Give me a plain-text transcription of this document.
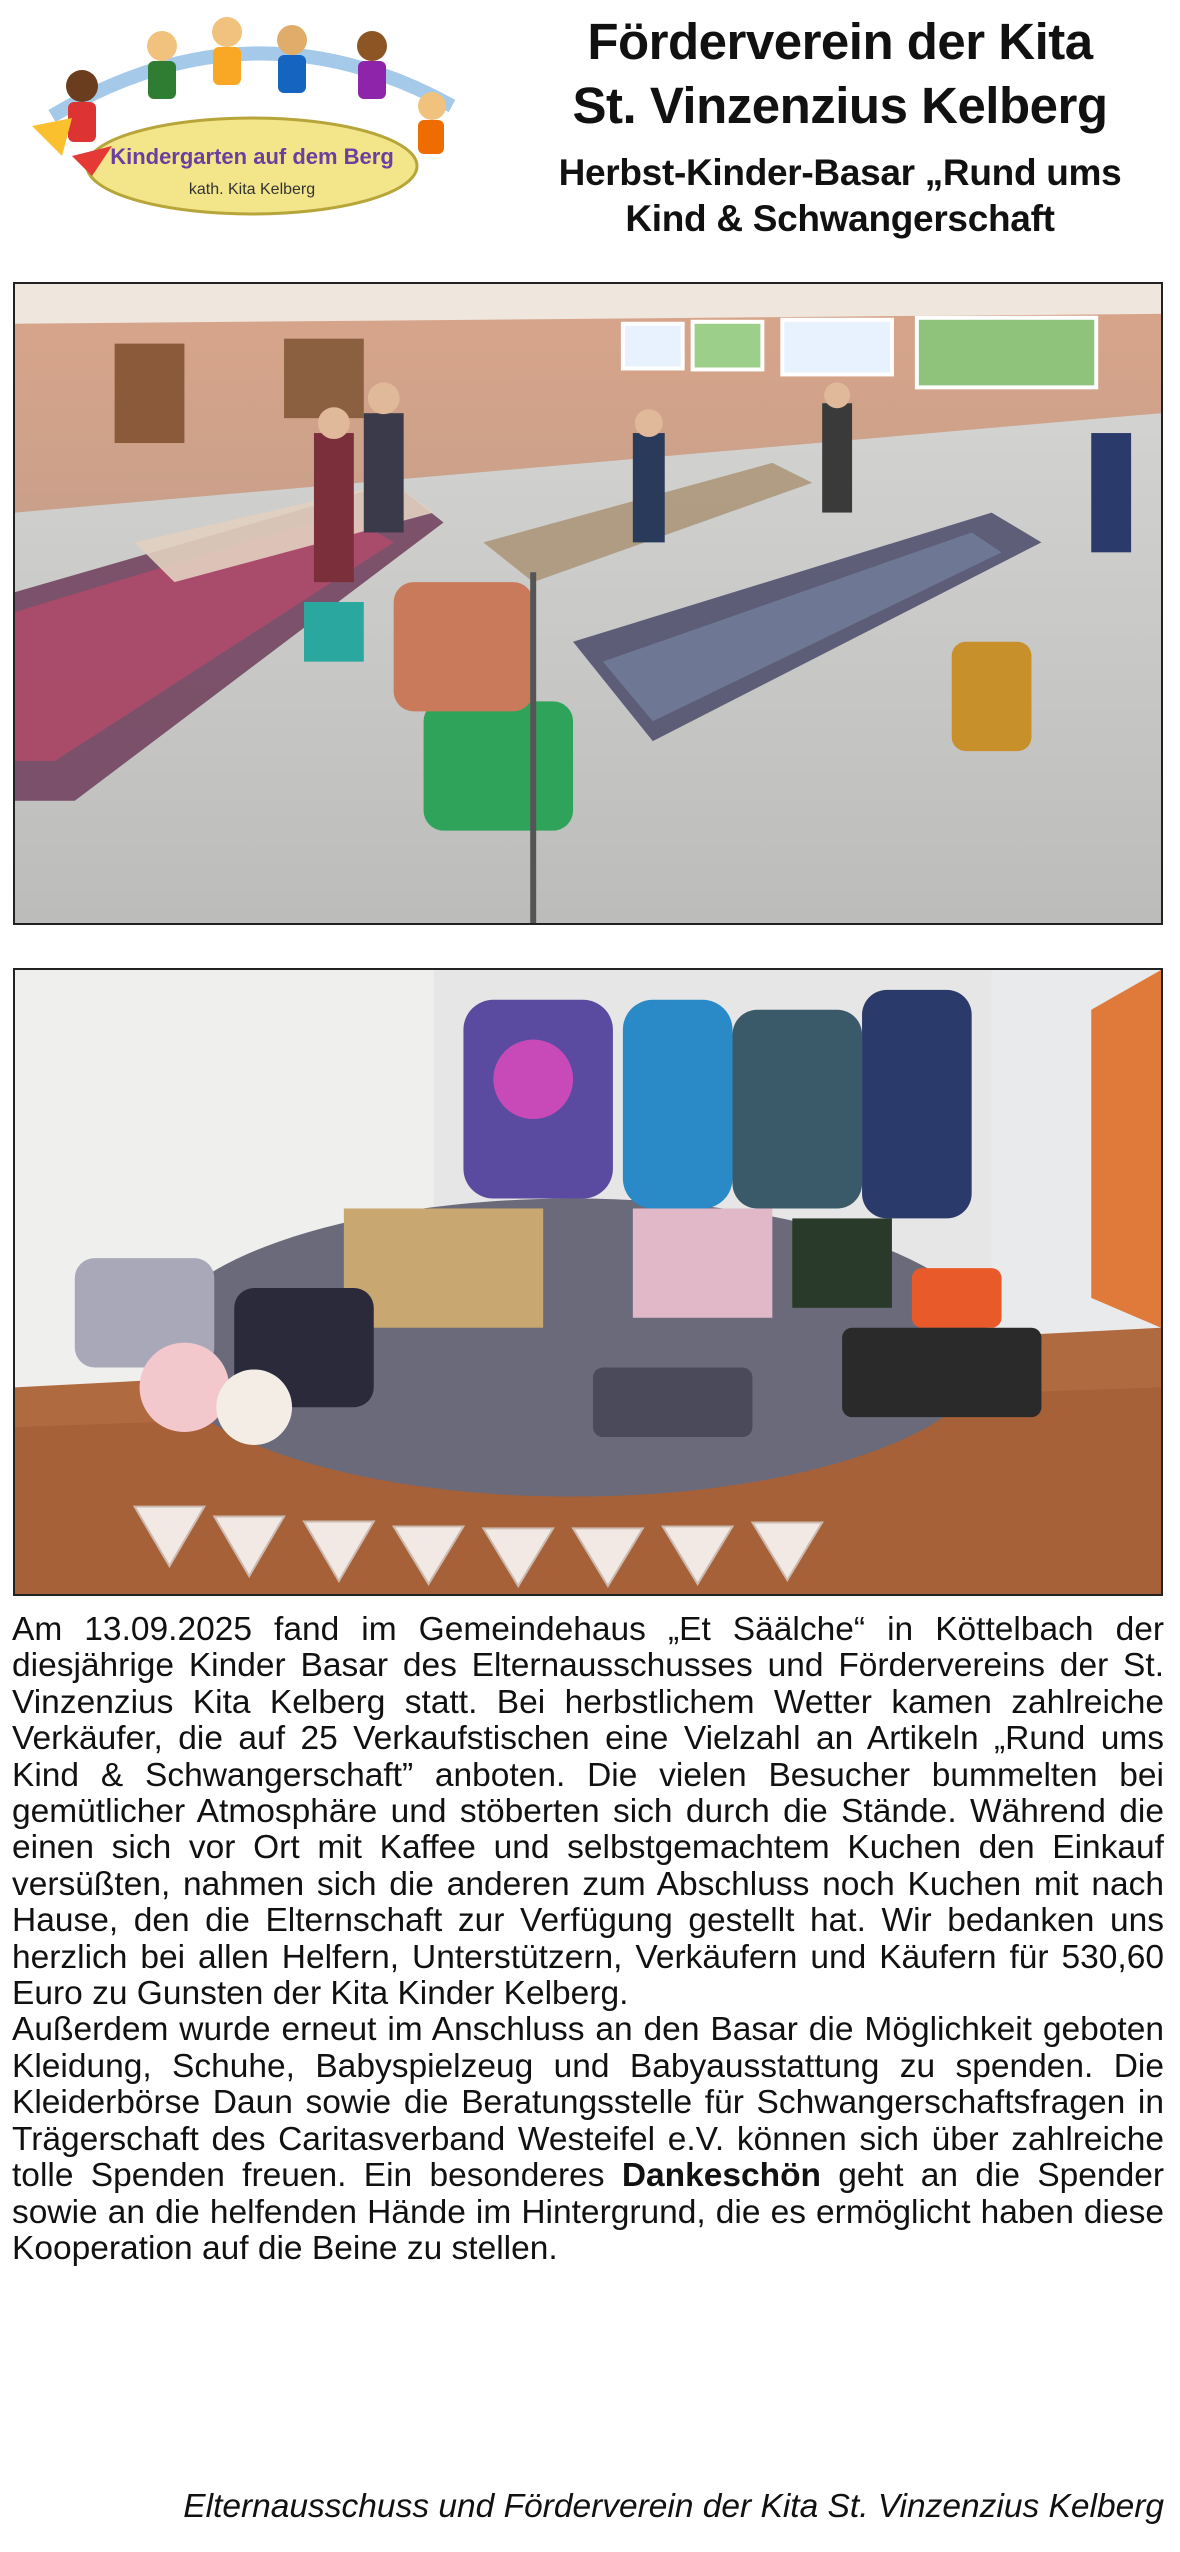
Kindergarten auf dem Berg
kath. Kita Kelberg
Förderverein der Kita
St. Vinzenzius Kelberg
Herbst-Kinder-Basar „Rund ums
Kind & Schwangerschaft

Am 13.09.2025 fand im Gemeindehaus „Et Säälche“ in Köttelbach der diesjährige Kinder Basar des Elternausschusses und Fördervereins der St. Vinzenzius Kita Kelberg statt. Bei herbstlichem Wetter kamen zahlreiche Verkäufer, die auf 25 Verkaufstischen eine Vielzahl an Artikeln „Rund ums Kind & Schwangerschaft” anboten. Die vielen Besucher bummelten bei gemütlicher Atmosphäre und stöberten sich durch die Stände. Während die einen sich vor Ort mit Kaffee und selbstgemachtem Kuchen den Einkauf versüßten, nahmen sich die anderen zum Abschluss noch Kuchen mit nach Hause, den die Elternschaft zur Verfügung gestellt hat. Wir bedanken uns herzlich bei allen Helfern, Unterstützern, Verkäufern und Käufern für 530,60 Euro zu Gunsten der Kita Kinder Kelberg.

Außerdem wurde erneut im Anschluss an den Basar die Möglichkeit geboten Kleidung, Schuhe, Babyspielzeug und Babyausstattung zu spenden. Die Kleiderbörse Daun sowie die Beratungsstelle für Schwangerschaftsfragen in Trägerschaft des Caritasverband Westeifel e.V. können sich über zahlreiche tolle Spenden freuen. Ein besonderes Dankeschön geht an die Spender sowie an die helfenden Hände im Hintergrund, die es ermöglicht haben diese Kooperation auf die Beine zu stellen.

Elternausschuss und Förderverein der Kita St. Vinzenzius Kelberg
